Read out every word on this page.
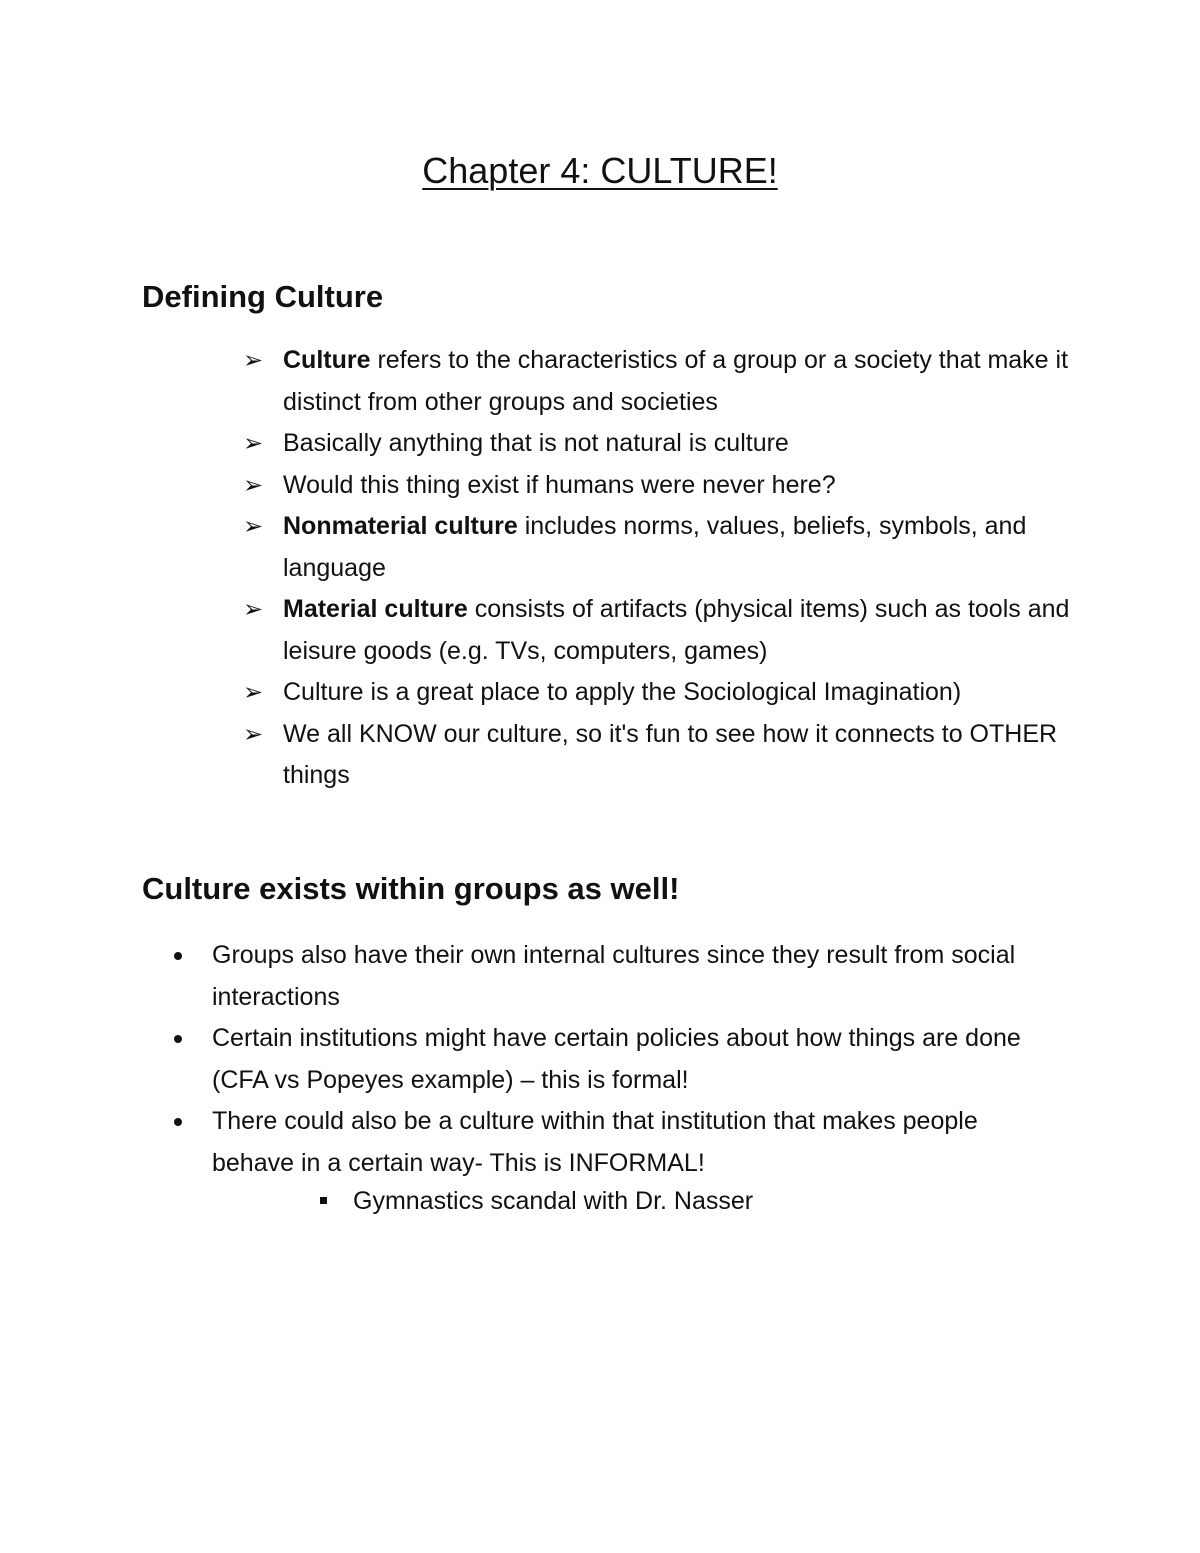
Chapter 4: CULTURE!
Defining Culture
➢ Culture refers to the characteristics of a group or a society that make it distinct from other groups and societies
➢ Basically anything that is not natural is culture
➢ Would this thing exist if humans were never here?
➢ Nonmaterial culture includes norms, values, beliefs, symbols, and language
➢ Material culture consists of artifacts (physical items) such as tools and leisure goods (e.g. TVs, computers, games)
➢ Culture is a great place to apply the Sociological Imagination)
➢ We all KNOW our culture, so it's fun to see how it connects to OTHER things
Culture exists within groups as well!
Groups also have their own internal cultures since they result from social interactions
Certain institutions might have certain policies about how things are done (CFA vs Popeyes example) – this is formal!
There could also be a culture within that institution that makes people behave in a certain way- This is INFORMAL!

Gymnastics scandal with Dr. Nasser
